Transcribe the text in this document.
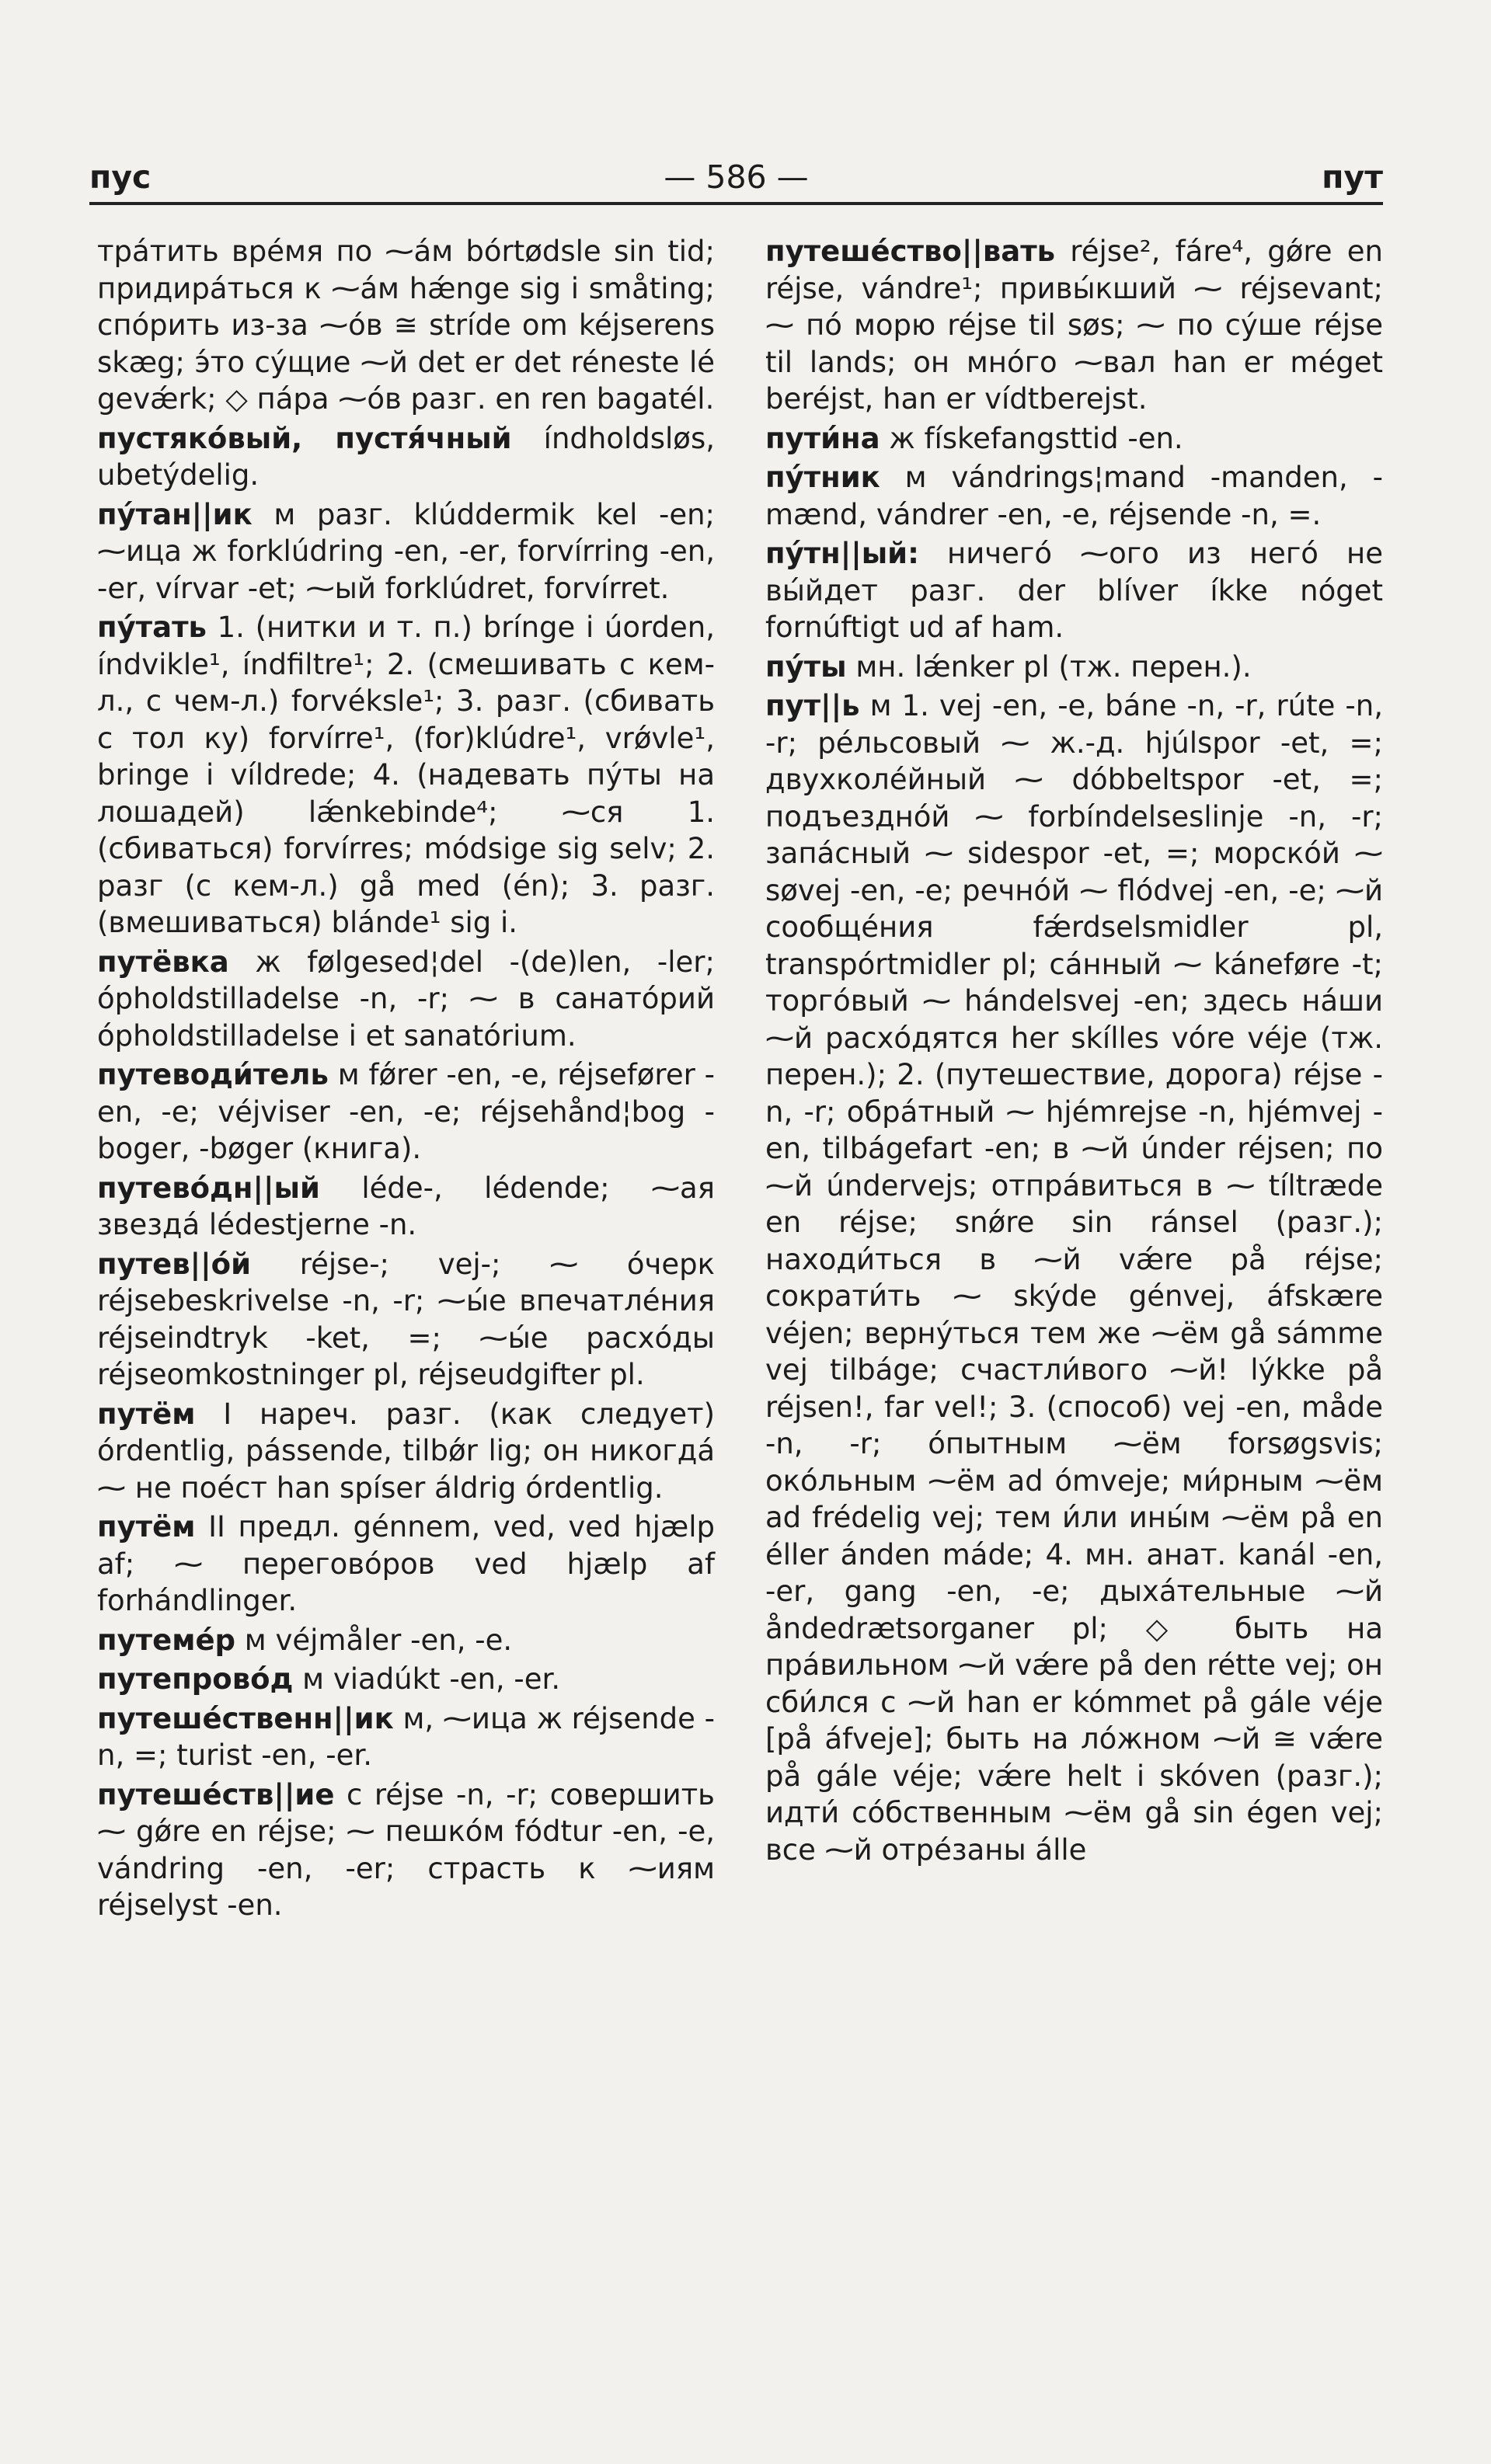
пус	— 586 —	пут

трáтить врéмя по ⁓áм bórtødsle sin tid; придирáться к ⁓áм hǽnge sig i småting; спóрить из-за ⁓óв ≅ stríde om kéjserens skæg; э́то сýщие ⁓й det er det réneste lé gevǽrk; ◇ пáра ⁓óв разг. en ren bagatél.

пустякóвый, пустя́чный índholdsløs, ubetýdelig.

пýтан||ик м разг. klúddermik kel -en; ⁓ица ж forklúdring -en, -er, forvírring -en, -er, vírvar -et; ⁓ый forklúdret, forvírret.

пýтать 1. (нитки и т. п.) brínge i úorden, índvikle¹, índfiltre¹; 2. (смешивать с кем-л., с чем-л.) forvéksle¹; 3. разг. (сбивать с тол ку) forvírre¹, (for)klúdre¹, vrǿvle¹, bringe i víldrede; 4. (надевать пýты на лошадей) lǽnkebinde⁴; ⁓ся 1. (сбиваться) forvírres; módsige sig selv; 2. разг (с кем-л.) gå med (én); 3. разг. (вмешиваться) blánde¹ sig i.

путёвка ж følgesed¦del -(de)len, -ler; ópholdstilladelse -n, -r; ⁓ в санатóрий ópholdstilladelse i et sanatórium.

путеводи́тель м fǿrer -en, -e, réjsefører -en, -e; véjviser -en, -e; réjsehånd¦bog -boger, -bøger (книга).

путевóдн||ый léde-, lédende; ⁓ая звездá lédestjerne -n.

путев||óй réjse-; vej-; ⁓ óчерк réjsebeskrivelse -n, -r; ⁓ы́е впечатлéния réjseindtryk -ket, =; ⁓ы́е расхóды réjseomkostninger pl, réjseudgifter pl.

путём I нареч. разг. (как следует) órdentlig, pássende, tilbǿr lig; он никогдá ⁓ не поéст han spíser áldrig órdentlig.

путём II предл. génnem, ved, ved hjælp af; ⁓ переговóров ved hjælp af forhándlinger.

путемéр м véjmåler -en, -e.

путепровóд м viadúkt -en, -er.

путешéственн||ик м, ⁓ица ж réjsende -n, =; turist -en, -er.

путешéств||ие с réjse -n, -r; совершить ⁓ gǿre en réjse; ⁓ пешкóм fódtur -en, -e, vándring -en, -er; страсть к ⁓иям réjselyst -en.

путешéство||вать réjse², fáre⁴, gǿre en réjse, vándre¹; привы́кший ⁓ réjsevant; ⁓ пó морю réjse til søs; ⁓ по сýше réjse til lands; он мнóго ⁓вал han er méget beréjst, han er vídtberejst.

пути́на ж fískefangsttid -en.

пýтник м vándrings¦mand -manden, -mænd, vándrer -en, -e, réjsende -n, =.

пýтн||ый: ничегó ⁓ого из негó не вы́йдет разг. der blíver íkke nóget fornúftigt ud af ham.

пýты мн. lǽnker pl (тж. перен.).

пут||ь м 1. vej -en, -e, báne -n, -r, rúte -n, -r; рéльсовый ⁓ ж.-д. hjúlspor -et, =; двухколéйный ⁓ dóbbeltspor -et, =; подъезднóй ⁓ forbíndelseslinje -n, -r; запáсный ⁓ sidespor -et, =; морскóй ⁓ søvej -en, -e; речнóй ⁓ flódvej -en, -e; ⁓й сообщéния fǽrdselsmidler pl, transpórtmidler pl; сáнный ⁓ káneføre -t; торгóвый ⁓ hándelsvej -en; здесь нáши ⁓й расхóдятся her skílles vóre véje (тж. перен.); 2. (путешествие, дорога) réjse -n, -r; обрáтный ⁓ hjémrejse -n, hjémvej -en, tilbágefart -en; в ⁓й únder réjsen; по ⁓й úndervejs; отпрáвиться в ⁓ tíltræde en réjse; snǿre sin ránsel (разг.); находи́ться в ⁓й vǽre på réjse; сократи́ть ⁓ skýde génvej, áfskære véjen; вернýться тем же ⁓ём gå sámme vej tilbáge; счастли́вого ⁓й! lýkke på réjsen!, far vel!; 3. (способ) vej -en, måde -n, -r; óпытным ⁓ём forsøgsvis; окóльным ⁓ём ad ómveje; ми́рным ⁓ём ad frédelig vej; тем и́ли ины́м ⁓ём på en éller ánden máde; 4. мн. анат. kanál -en, -er, gang -en, -e; дыхáтельные ⁓й åndedrætsorganer pl; ◇ быть на прáвильном ⁓й vǽre på den rétte vej; он сби́лся с ⁓й han er kómmet på gále véje [på áfveje]; быть на лóжном ⁓й ≅ vǽre på gále véje; vǽre helt i skóven (разг.); идти́ сóбственным ⁓ём gå sin égen vej; все ⁓й отрéзаны álle
